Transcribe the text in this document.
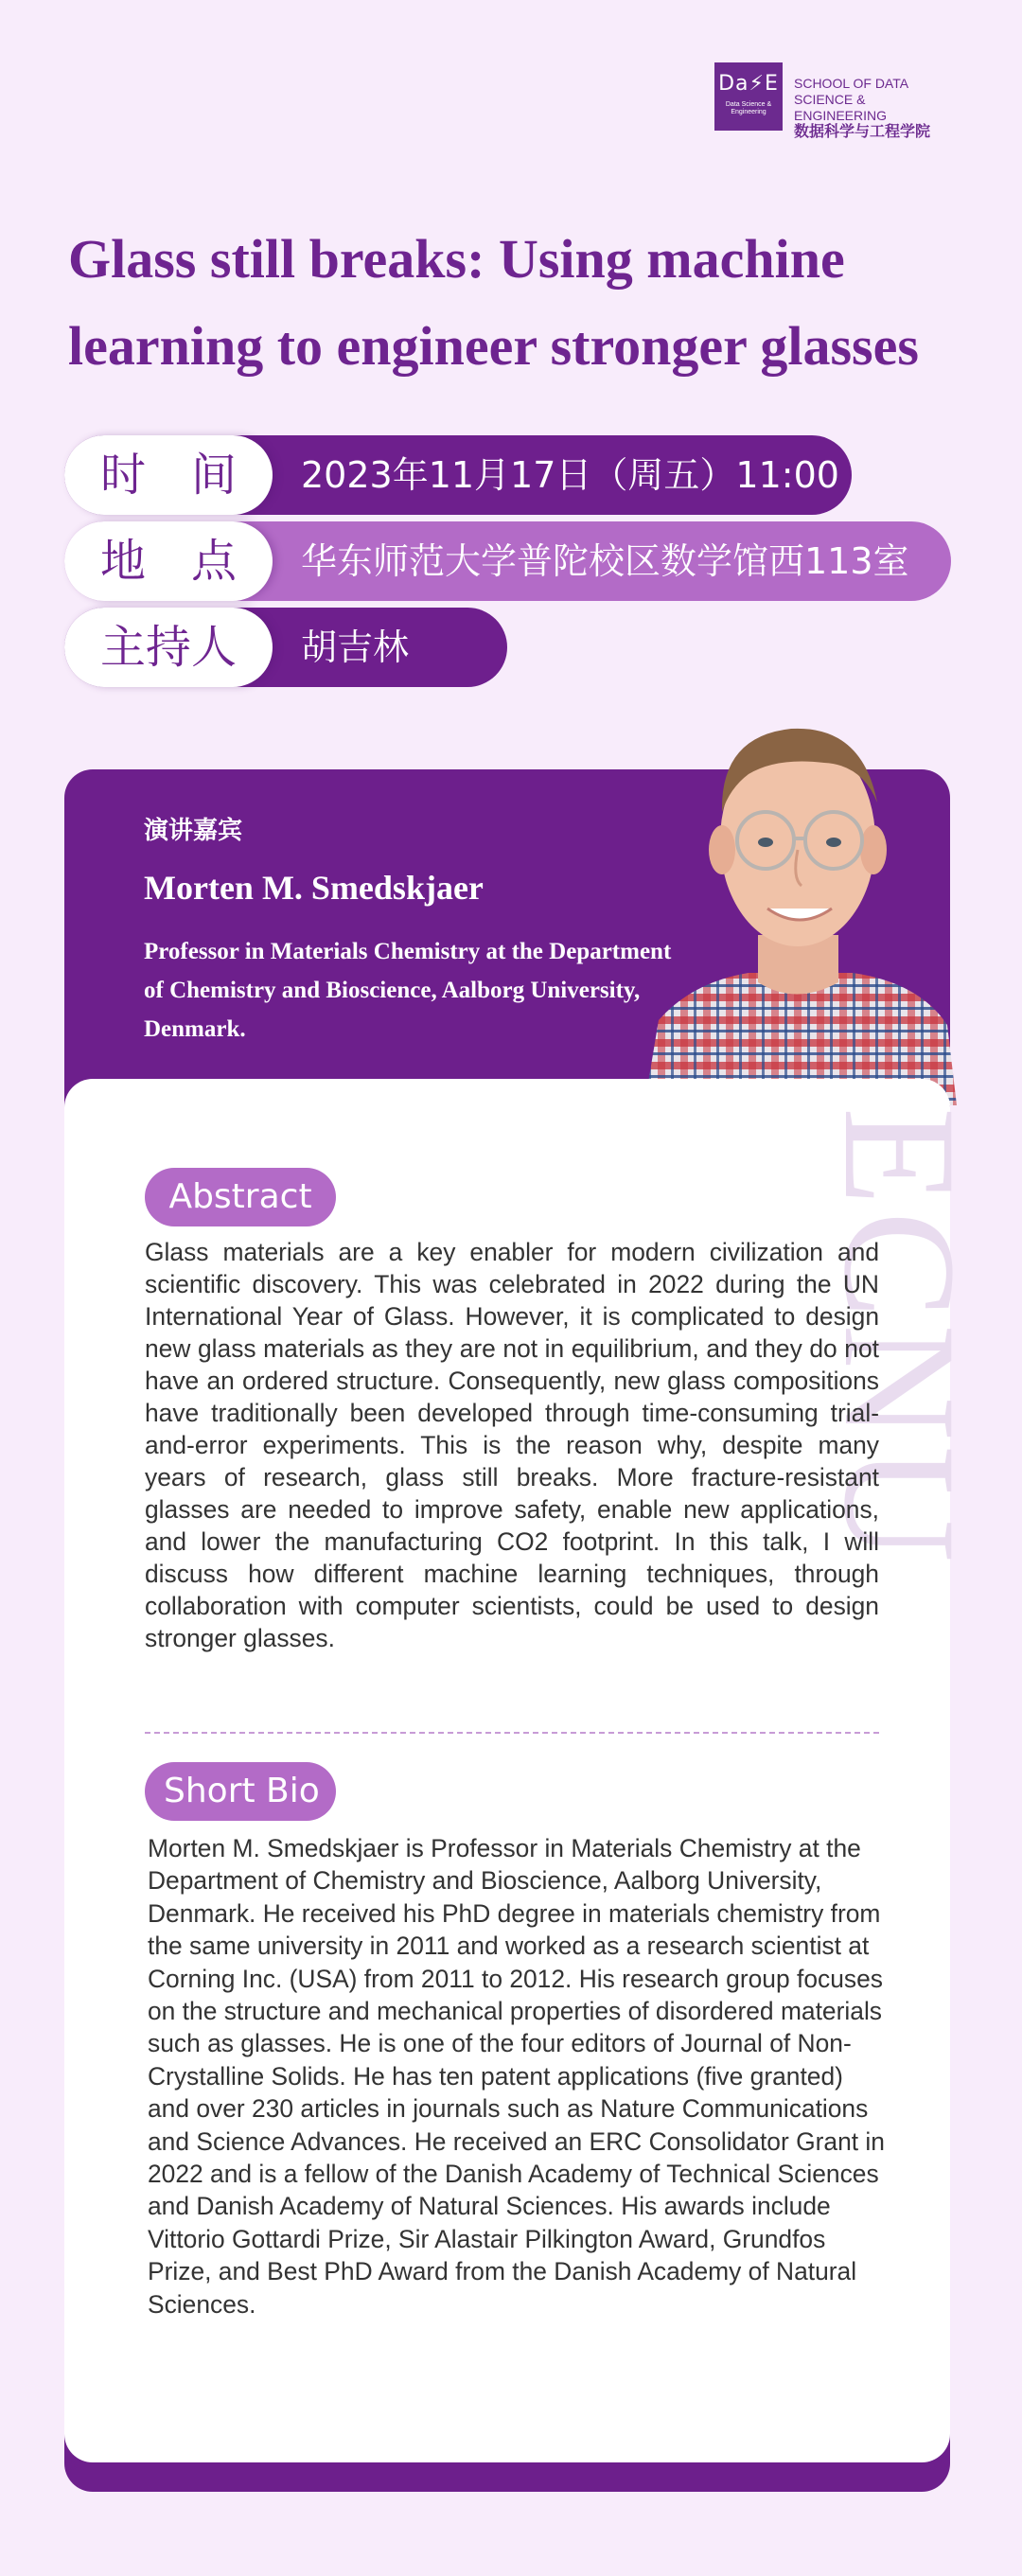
Da⚡E
Data Science & Engineering
SCHOOL OF DATA
SCIENCE & ENGINEERING
数据科学与工程学院
Glass still breaks: Using machine
learning to engineer stronger glasses
时　间	2023年11月17日（周五）11:00
地　点	华东师范大学普陀校区数学馆西113室
主持人	胡吉林
演讲嘉宾
Morten M. Smedskjaer
Professor in Materials Chemistry at the Department of Chemistry and Bioscience, Aalborg University, Denmark.
ECNU
Abstract
Glass materials are a key enabler for modern civilization and scientific discovery. This was celebrated in 2022 during the UN International Year of Glass. However, it is complicated to design new glass materials as they are not in equilibrium, and they do not have an ordered structure. Consequently, new glass compositions have traditionally been developed through time-consuming trial-and-error experiments. This is the reason why, despite many years of research, glass still breaks. More fracture-resistant glasses are needed to improve safety, enable new applications, and lower the manufacturing CO2 footprint. In this talk, I will discuss how different machine learning techniques, through collaboration with computer scientists, could be used to design stronger glasses.
Short Bio
Morten M. Smedskjaer is Professor in Materials Chemistry at the Department of Chemistry and Bioscience, Aalborg University, Denmark. He received his PhD degree in materials chemistry from the same university in 2011 and worked as a research scientist at Corning Inc. (USA) from 2011 to 2012. His research group focuses on the structure and mechanical properties of disordered materials such as glasses. He is one of the four editors of Journal of Non-Crystalline Solids. He has ten patent applications (five granted) and over 230 articles in journals such as Nature Communications and Science Advances. He received an ERC Consolidator Grant in 2022 and is a fellow of the Danish Academy of Technical Sciences and Danish Academy of Natural Sciences. His awards include Vittorio Gottardi Prize, Sir Alastair Pilkington Award, Grundfos Prize, and Best PhD Award from the Danish Academy of Natural Sciences.
